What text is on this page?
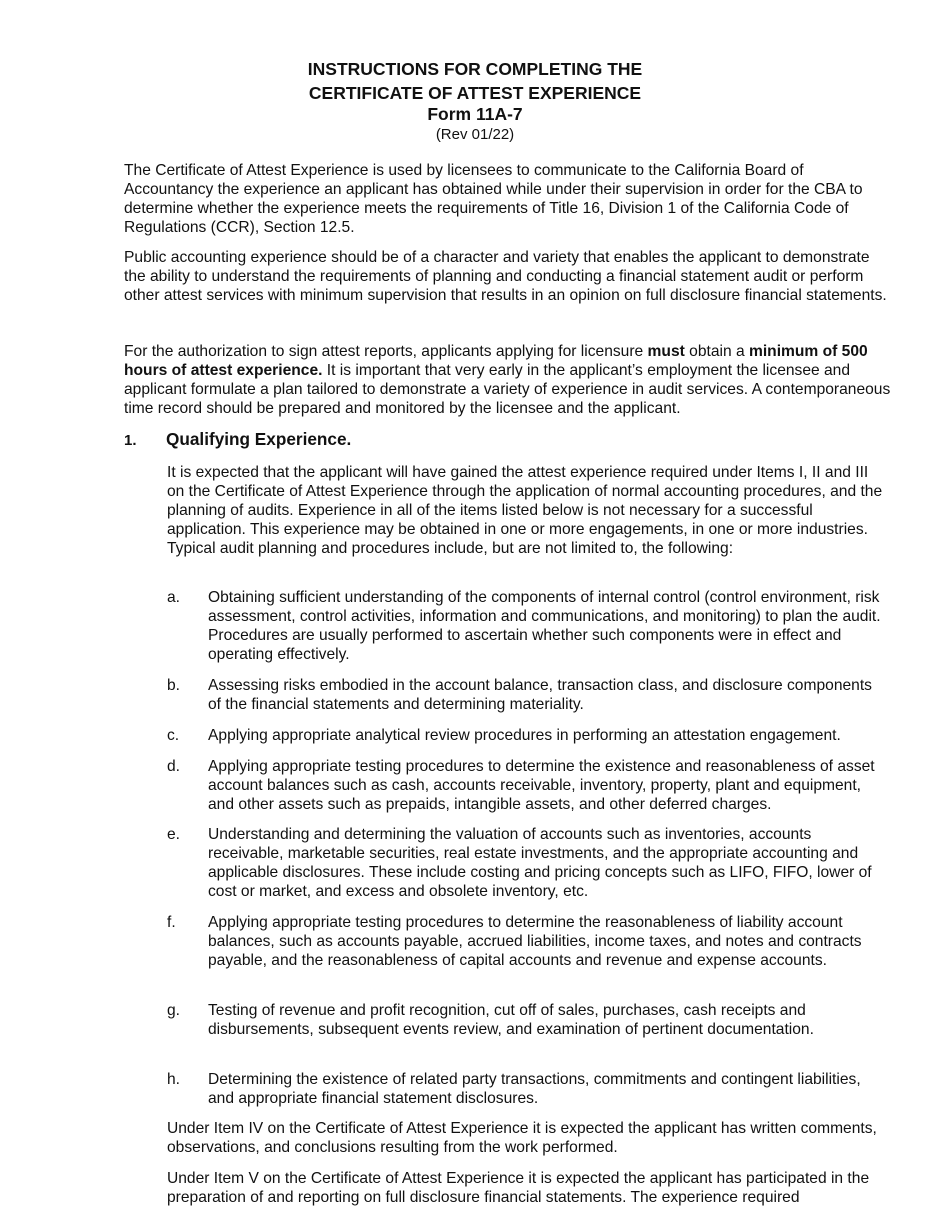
INSTRUCTIONS FOR COMPLETING THE
CERTIFICATE OF ATTEST EXPERIENCE
Form 11A-7
(Rev 01/22)

The Certificate of Attest Experience is used by licensees to communicate to the California Board of Accountancy the experience an applicant has obtained while under their supervision in order for the CBA to determine whether the experience meets the requirements of Title 16, Division 1 of the California Code of Regulations (CCR), Section 12.5.

Public accounting experience should be of a character and variety that enables the applicant to demonstrate the ability to understand the requirements of planning and conducting a financial statement audit or perform other attest services with minimum supervision that results in an opinion on full disclosure financial statements.

For the authorization to sign attest reports, applicants applying for licensure must obtain a minimum of 500 hours of attest experience. It is important that very early in the applicant’s employment the licensee and applicant formulate a plan tailored to demonstrate a variety of experience in audit services. A contemporaneous time record should be prepared and monitored by the licensee and the applicant.

1. Qualifying Experience.

It is expected that the applicant will have gained the attest experience required under Items I, II and III on the Certificate of Attest Experience through the application of normal accounting procedures, and the planning of audits. Experience in all of the items listed below is not necessary for a successful application. This experience may be obtained in one or more engagements, in one or more industries. Typical audit planning and procedures include, but are not limited to, the following:

a. Obtaining sufficient understanding of the components of internal control (control environment, risk assessment, control activities, information and communications, and monitoring) to plan the audit. Procedures are usually performed to ascertain whether such components were in effect and operating effectively.
b. Assessing risks embodied in the account balance, transaction class, and disclosure components of the financial statements and determining materiality.
c. Applying appropriate analytical review procedures in performing an attestation engagement.
d. Applying appropriate testing procedures to determine the existence and reasonableness of asset account balances such as cash, accounts receivable, inventory, property, plant and equipment, and other assets such as prepaids, intangible assets, and other deferred charges.
e. Understanding and determining the valuation of accounts such as inventories, accounts receivable, marketable securities, real estate investments, and the appropriate accounting and applicable disclosures. These include costing and pricing concepts such as LIFO, FIFO, lower of cost or market, and excess and obsolete inventory, etc.
f. Applying appropriate testing procedures to determine the reasonableness of liability account balances, such as accounts payable, accrued liabilities, income taxes, and notes and contracts payable, and the reasonableness of capital accounts and revenue and expense accounts.
g. Testing of revenue and profit recognition, cut off of sales, purchases, cash receipts and disbursements, subsequent events review, and examination of pertinent documentation.
h. Determining the existence of related party transactions, commitments and contingent liabilities, and appropriate financial statement disclosures.

Under Item IV on the Certificate of Attest Experience it is expected the applicant has written comments, observations, and conclusions resulting from the work performed.

Under Item V on the Certificate of Attest Experience it is expected the applicant has participated in the preparation of and reporting on full disclosure financial statements. The experience required
